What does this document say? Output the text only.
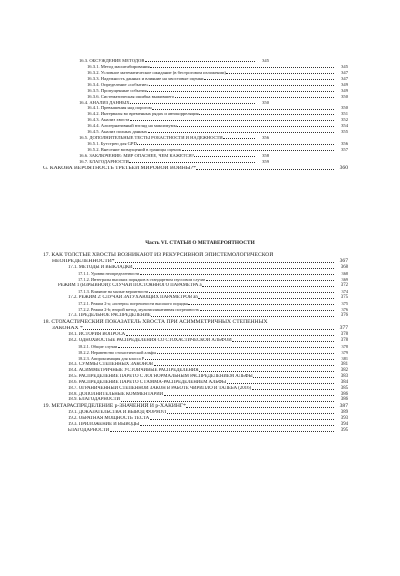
16.3. ОБСУЖДЕНИЕ МЕТОДОВ	345
16.3.1. Метод масштабирования	345
16.3.2. Условное математическое ожидание (в бестроговом изложении)	347
16.3.3. Надежность данных и влияние на хвостовые оценки	347
16.3.4. Определение «событие»	349
16.3.5. Пропущенные события	349
16.3.6. Систематическая ошибка выжившего	350
16.4. АНАЛИЗ ДАННЫХ	350
16.4.1. Превышения над порогом	350
16.4.2. Интервалы во временных рядах и автокорреляция	351
16.4.3. Анализ хвоста	352
16.4.4. Альтернативный взгляд на максимумы	354
16.4.5. Анализ полных данных	355
16.5. ДОПОЛНИТЕЛЬНЫЕ ТЕСТЫ РОБАСТНОСТИ И НАДЕЖНОСТИ	356
16.5.1. Бутстреп для GPD	356
16.5.2. Внесение возмущений в границы оценок	357
16.6. ЗАКЛЮЧЕНИЕ: МИР ОПАСНЕЕ, ЧЕМ КАЖЕТСЯ?	358
16.7. БЛАГОДАРНОСТИ	359
G. КАКОВА ВЕРОЯТНОСТЬ ТРЕТЬЕЙ МИРОВОЙ ВОЙНЫ?*	360
Часть VI. СТАТЬИ О МЕТАВЕРОЯТНОСТИ
17. КАК ТОЛСТЫЕ ХВОСТЫ ВОЗНИКАЮТ ИЗ РЕКУРСИВНОЙ ЭПИСТЕМОЛОГИЧЕСКОЙ
НЕОПРЕДЕЛЕННОСТИ*	367
17.1. МЕТОДЫ И ВЫКЛАДКИ	368
17.1.1. Уровни неопределенности	368
17.1.2. Интегралы высоких порядков в стандартном гауссовом случае	369
РЕЖИМ 1 (ВЗРЫВНОЙ): СЛУЧАЙ ПОСТОЯННОГО ПАРАМЕТРА a	372
17.1.3. Влияние на малые вероятности	374
17.2. РЕЖИМ 2: СЛУЧАИ ЗАТУХАЮЩИХ ПАРАМЕТРОВ an	375
17.2.1. Режим 2-a; «потери» погрешности высокого порядка	375
17.2.2. Режим 2-b; второй метод, мультипликативная погрешность	376
17.3. ПРЕДЕЛЬНОЕ РАСПРЕДЕЛЕНИЕ	376
18. СТОХАСТИЧЕСКИЙ ПОКАЗАТЕЛЬ ХВОСТА ПРИ АСИММЕТРИЧНЫХ СТЕПЕННЫХ
ЗАКОНАХ *	377
18.1. ИСТОРИЯ ВОПРОСА	378
18.2. ОДНОХВОСТЫЕ РАСПРЕДЕЛЕНИЯ СО СТОХАСТИЧЕСКОЙ АЛЬФОЙ	378
18.2.1. Общие случаи	378
18.2.2. Неравенство стохастической альфы	379
18.2.3. Аппроксимация для класса P	381
18.3. СУММЫ СТЕПЕННЫХ ЗАКОНОВ	381
18.4. АСИММЕТРИЧНЫЕ УСТОЙЧИВЫЕ РАСПРЕДЕЛЕНИЯ	382
18.5. РАСПРЕДЕЛЕНИЕ ПАРЕТО С ЛОГНОРМАЛЬНЫМ РАСПРЕДЕЛЕНИЕМ АЛЬФЫ	383
18.6. РАСПРЕДЕЛЕНИЕ ПАРЕТО С ГАММА-РАСПРЕДЕЛЕНИЕМ АЛЬФЫ	384
18.7. ОГРАНИЧЕННЫЙ СТЕПЕННОЙ ЗАКОН В РАБОТЕ ЧИРИЛЛО И ТАЛЕБА (2016)	385
18.8. ДОПОЛНИТЕЛЬНЫЕ КОММЕНТАРИИ	386
18.9. БЛАГОДАРНОСТИ	386
19. МЕТАРАСПРЕДЕЛЕНИЕ p-ЗНАЧЕНИЙ И p-ХАКИНГ*	387
19.1. ДОКАЗАТЕЛЬСТВА И ВЫВОД ФОРМУЛ	389
19.2. ОБРАТНАЯ МОЩНОСТЬ ТЕСТА	393
19.3. ПРИЛОЖЕНИЕ И ВЫВОДЫ	394
БЛАГОДАРНОСТИ	395
